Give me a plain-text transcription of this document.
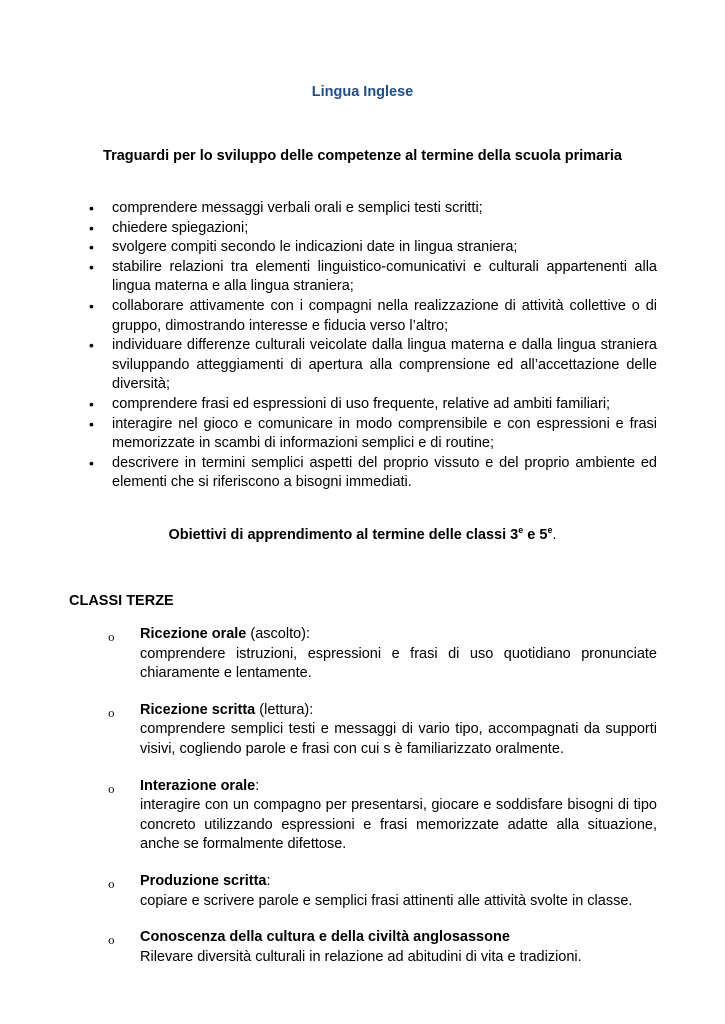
Lingua Inglese
Traguardi per lo sviluppo delle competenze al termine della scuola primaria
• comprendere messaggi verbali orali e semplici testi scritti;
• chiedere spiegazioni;
• svolgere compiti secondo le indicazioni date in lingua straniera;
• stabilire relazioni tra elementi linguistico-comunicativi e culturali appartenenti alla lingua materna e alla lingua straniera;
• collaborare attivamente con i compagni nella realizzazione di attività collettive o di gruppo, dimostrando interesse e fiducia verso l’altro;
• individuare differenze culturali veicolate dalla lingua materna e dalla lingua straniera sviluppando atteggiamenti di apertura alla comprensione ed all’accettazione delle diversità;
• comprendere frasi ed espressioni di uso frequente, relative ad ambiti familiari;
• interagire nel gioco e comunicare in modo comprensibile e con espressioni e frasi memorizzate in scambi di informazioni semplici e di routine;
• descrivere in termini semplici aspetti del proprio vissuto e del proprio ambiente ed elementi che si riferiscono a bisogni immediati.
Obiettivi di apprendimento al termine delle classi 3e e 5e.
CLASSI TERZE
o Ricezione orale (ascolto):
comprendere istruzioni, espressioni e frasi di uso quotidiano pronunciate chiaramente e lentamente.
o Ricezione scritta (lettura):
comprendere semplici testi e messaggi di vario tipo, accompagnati da supporti visivi, cogliendo parole e frasi con cui s è familiarizzato oralmente.
o Interazione orale:
interagire con un compagno per presentarsi, giocare e soddisfare bisogni di tipo concreto utilizzando espressioni e frasi memorizzate adatte alla situazione, anche se formalmente difettose.
o Produzione scritta:
copiare e scrivere parole e semplici frasi attinenti alle attività svolte in classe.
o Conoscenza della cultura e della civiltà anglosassone
Rilevare diversità culturali in relazione ad abitudini di vita e tradizioni.
